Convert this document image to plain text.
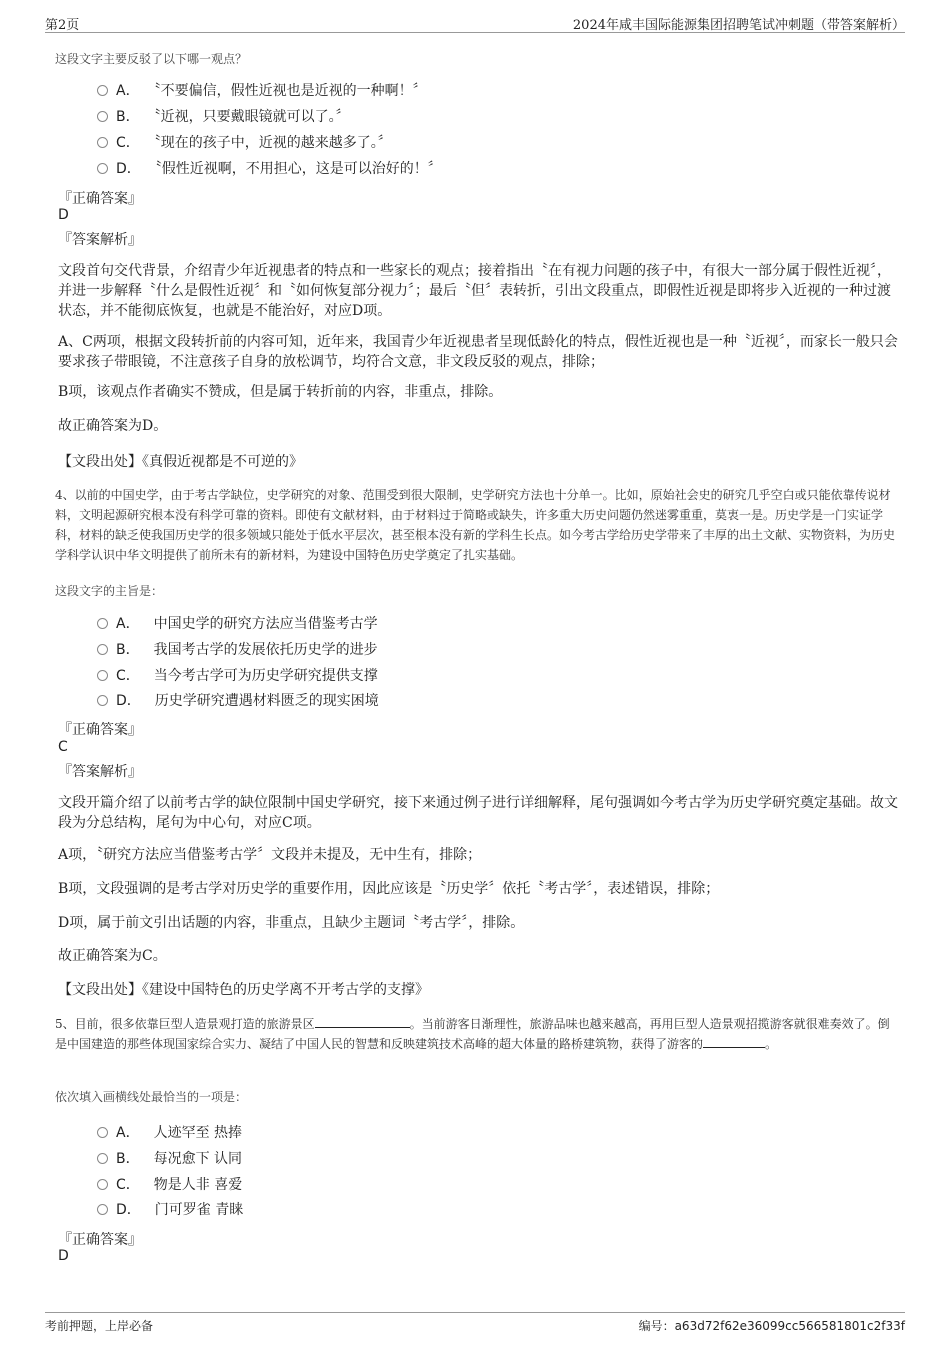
第2页	2024年咸丰国际能源集团招聘笔试冲刺题（带答案解析）
这段文字主要反驳了以下哪一观点？
A． 〝不要偏信，假性近视也是近视的一种啊！〞
B． 〝近视，只要戴眼镜就可以了。〞
C． 〝现在的孩子中，近视的越来越多了。〞
D． 〝假性近视啊，不用担心，这是可以治好的！〞
『正确答案』
D
『答案解析』
文段首句交代背景，介绍青少年近视患者的特点和一些家长的观点；接着指出〝在有视力问题的孩子中，有很大一部分属于假性近视〞，并进一步解释〝什么是假性近视〞和〝如何恢复部分视力〞；最后〝但〞表转折，引出文段重点，即假性近视是即将步入近视的一种过渡状态，并不能彻底恢复，也就是不能治好，对应D项。
A、C两项，根据文段转折前的内容可知，近年来，我国青少年近视患者呈现低龄化的特点，假性近视也是一种〝近视〞，而家长一般只会要求孩子带眼镜，不注意孩子自身的放松调节，均符合文意，非文段反驳的观点，排除；
B项，该观点作者确实不赞成，但是属于转折前的内容，非重点，排除。
故正确答案为D。
【文段出处】《真假近视都是不可逆的》
4、以前的中国史学，由于考古学缺位，史学研究的对象、范围受到很大限制，史学研究方法也十分单一。比如，原始社会史的研究几乎空白或只能依靠传说材料，文明起源研究根本没有科学可靠的资料。即使有文献材料，由于材料过于简略或缺失，许多重大历史问题仍然迷雾重重，莫衷一是。历史学是一门实证学科，材料的缺乏使我国历史学的很多领域只能处于低水平层次，甚至根本没有新的学科生长点。如今考古学给历史学带来了丰厚的出土文献、实物资料，为历史学科学认识中华文明提供了前所未有的新材料，为建设中国特色历史学奠定了扎实基础。
这段文字的主旨是：
A． 中国史学的研究方法应当借鉴考古学
B． 我国考古学的发展依托历史学的进步
C． 当今考古学可为历史学研究提供支撑
D． 历史学研究遭遇材料匮乏的现实困境
『正确答案』
C
『答案解析』
文段开篇介绍了以前考古学的缺位限制中国史学研究，接下来通过例子进行详细解释，尾句强调如今考古学为历史学研究奠定基础。故文段为分总结构，尾句为中心句，对应C项。
A项，〝研究方法应当借鉴考古学〞文段并未提及，无中生有，排除；
B项，文段强调的是考古学对历史学的重要作用，因此应该是〝历史学〞依托〝考古学〞，表述错误，排除；
D项，属于前文引出话题的内容，非重点，且缺少主题词〝考古学〞，排除。
故正确答案为C。
【文段出处】《建设中国特色的历史学离不开考古学的支撑》
5、目前，很多依靠巨型人造景观打造的旅游景区	。当前游客日渐理性，旅游品味也越来越高，再用巨型人造景观招揽游客就很难奏效了。倒是中国建造的那些体现国家综合实力、凝结了中国人民的智慧和反映建筑技术高峰的超大体量的路桥建筑物，获得了游客的	。
依次填入画横线处最恰当的一项是：
A． 人迹罕至 热捧
B． 每况愈下 认同
C． 物是人非 喜爱
D． 门可罗雀 青睐
『正确答案』
D
考前押题，上岸必备	编号：a63d72f62e36099cc566581801c2f33f
